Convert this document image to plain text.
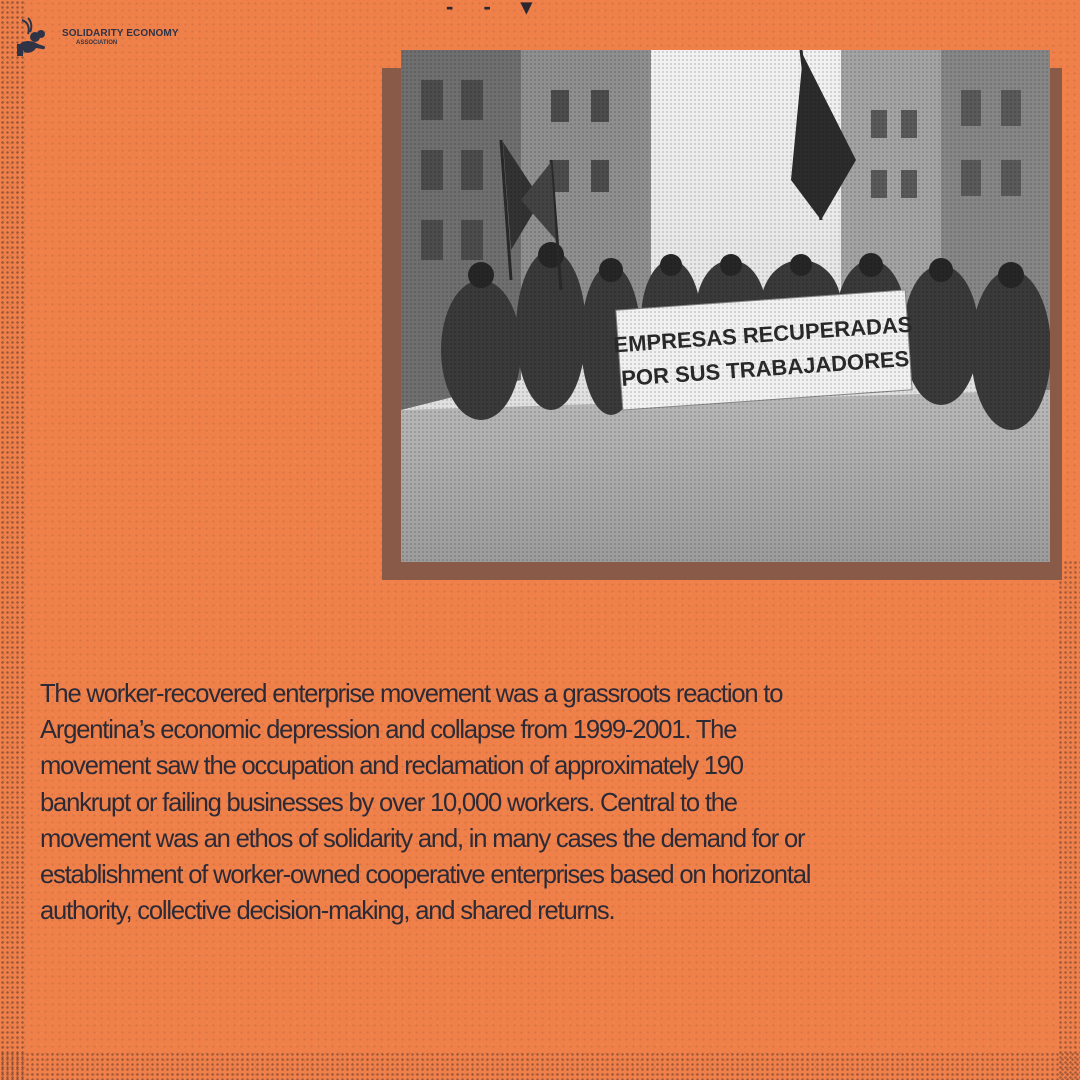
- - ▾
SOLIDARITY ECONOMY
ASSOCIATION

The worker-recovered enterprise movement was a grassroots reaction to Argentina’s economic depression and collapse from 1999-2001. The movement saw the occupation and reclamation of approximately 190 bankrupt or failing businesses by over 10,000 workers. Central to the movement was an ethos of solidarity and, in many cases the demand for or establishment of worker-owned cooperative enterprises based on horizontal authority, collective decision-making, and shared returns.
